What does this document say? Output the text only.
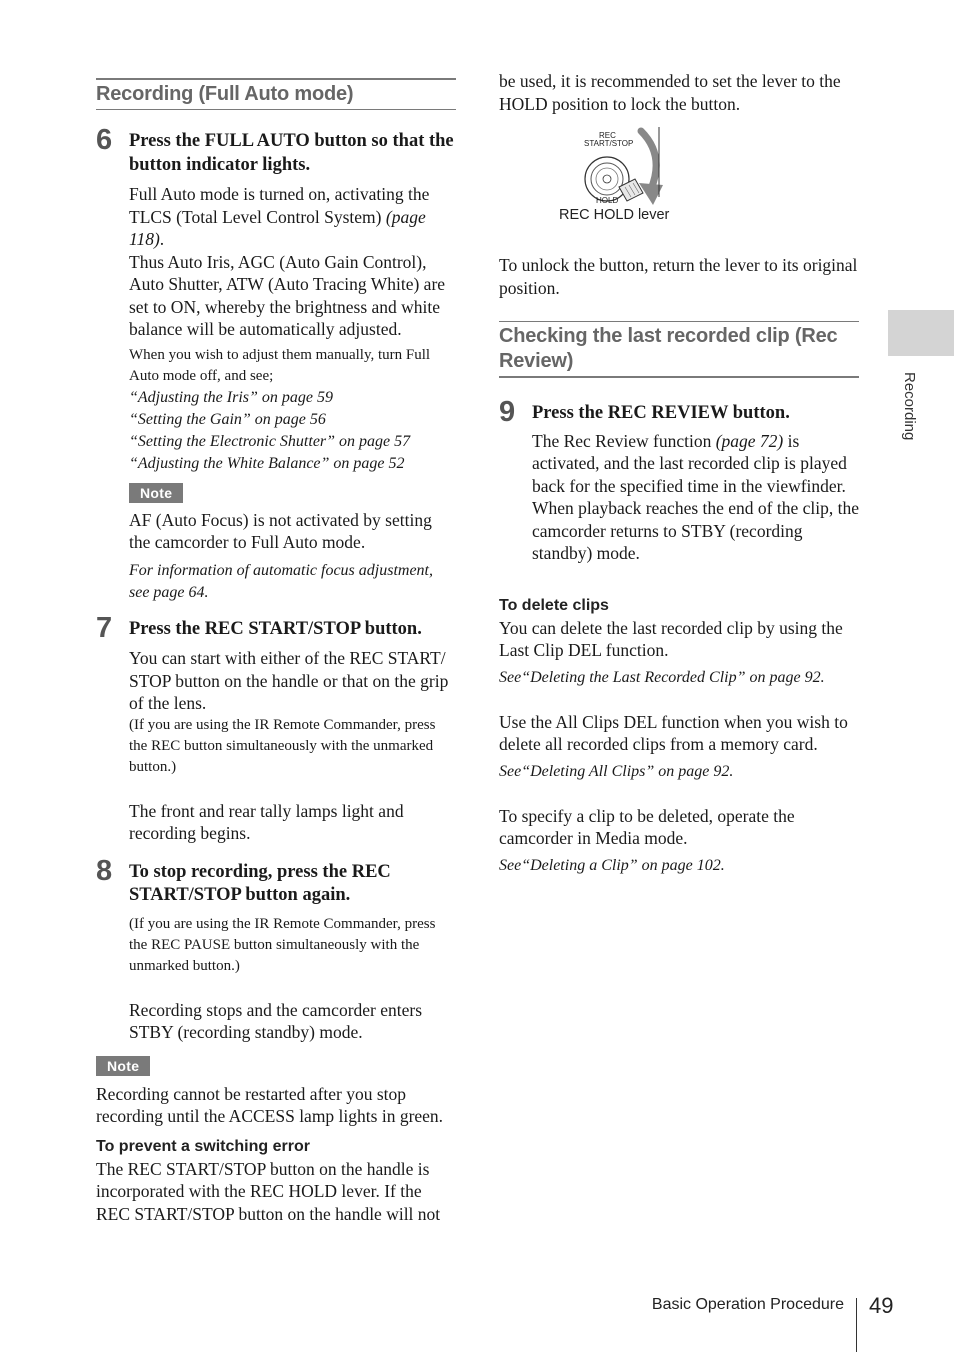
Recording (Full Auto mode)
6 Press the FULL AUTO button so that the button indicator lights.
Full Auto mode is turned on, activating the TLCS (Total Level Control System) (page 118).
Thus Auto Iris, AGC (Auto Gain Control), Auto Shutter, ATW (Auto Tracing White) are set to ON, whereby the brightness and white balance will be automatically adjusted.
When you wish to adjust them manually, turn Full Auto mode off, and see;
“Adjusting the Iris” on page 59
“Setting the Gain” on page 56
“Setting the Electronic Shutter” on page 57
“Adjusting the White Balance” on page 52
Note
AF (Auto Focus) is not activated by setting the camcorder to Full Auto mode.
For information of automatic focus adjustment, see page 64.
7 Press the REC START/STOP button.
You can start with either of the REC START/ STOP button on the handle or that on the grip of the lens.
(If you are using the IR Remote Commander, press the REC button simultaneously with the unmarked button.)
The front and rear tally lamps light and recording begins.
8 To stop recording, press the REC START/STOP button again.
(If you are using the IR Remote Commander, press the REC PAUSE button simultaneously with the unmarked button.)
Recording stops and the camcorder enters STBY (recording standby) mode.
Note
Recording cannot be restarted after you stop recording until the ACCESS lamp lights in green.
To prevent a switching error
The REC START/STOP button on the handle is incorporated with the REC HOLD lever. If the REC START/STOP button on the handle will not
be used, it is recommended to set the lever to the HOLD position to lock the button.
REC
START/STOP
HOLD
REC HOLD lever
To unlock the button, return the lever to its original position.
Checking the last recorded clip (Rec Review)
9 Press the REC REVIEW button.
The Rec Review function (page 72) is activated, and the last recorded clip is played back for the specified time in the viewfinder. When playback reaches the end of the clip, the camcorder returns to STBY (recording standby) mode.
To delete clips
You can delete the last recorded clip by using the Last Clip DEL function.
See“Deleting the Last Recorded Clip” on page 92.
Use the All Clips DEL function when you wish to delete all recorded clips from a memory card.
See“Deleting All Clips” on page 92.
To specify a clip to be deleted, operate the camcorder in Media mode.
See“Deleting a Clip” on page 102.
Recording
Basic Operation Procedure 49
